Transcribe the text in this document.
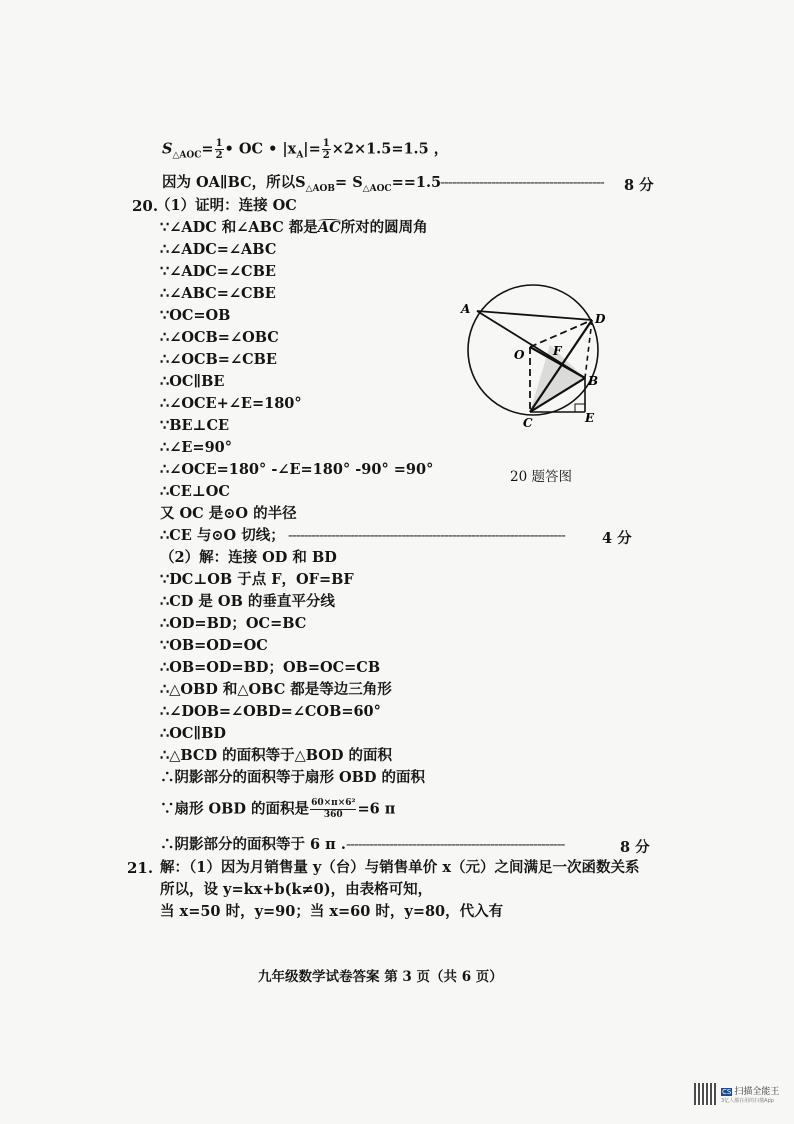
$S_{\triangle AOC}= \frac{1}{2}$ • OC • $|x_A|= \frac{1}{2} \times 2\times 1.5=1.5$ ，
因为 OA∥BC，所以$S_{\triangle AOB}= S_{\triangle AOC}==1.5$
------------------------------------------ 8 分
20.
（1）证明：连接 OC
∵∠ADC 和∠ABC 都是AC所对的圆周角
∴∠ADC=∠ABC
∵∠ADC=∠CBE
∴∠ABC=∠CBE
∵OC=OB
∴∠OCB=∠OBC
∴∠OCB=∠CBE
∴OC∥BE
∴∠OCE+∠E=180°
∵BE⊥CE
∴∠E=90°
∴∠OCE=180° -∠E=180° -90° =90°
∴CE⊥OC
又 OC 是⊙O 的半径
∴CE 与⊙O 切线； -----------------------------------------------------------------------	4 分
（2）解：连接 OD 和 BD
∵DC⊥OB 于点 F，OF=BF
∴CD 是 OB 的垂直平分线
∴OD=BD；OC=BC
∵OB=OD=OC
∴OB=OD=BD；OB=OC=CB
∴△OBD 和△OBC 都是等边三角形
∴∠DOB=∠OBD=∠COB=60°
∴OC∥BD
∴△BCD 的面积等于△BOD 的面积
∴阴影部分的面积等于扇形 OBD 的面积
∵扇形 OBD 的面积是 $\frac{\text{60×π×6²}}{360} =6$ π
∴阴影部分的面积等于 6 π . --------------------------------------------------------	8 分
A
D
O F
B
C	E
20 题答图
21. 解：（1）因为月销售量 y（台）与销售单价 x（元）之间满足一次函数关系
所以，设 y=kx+b(k≠0)，由表格可知，
当 x=50 时，y=90；当 x=60 时，y=80，代入有
九年级数学试卷答案 第 3 页（共 6 页）
CS 扫描全能王
3亿人都在用的扫描App
